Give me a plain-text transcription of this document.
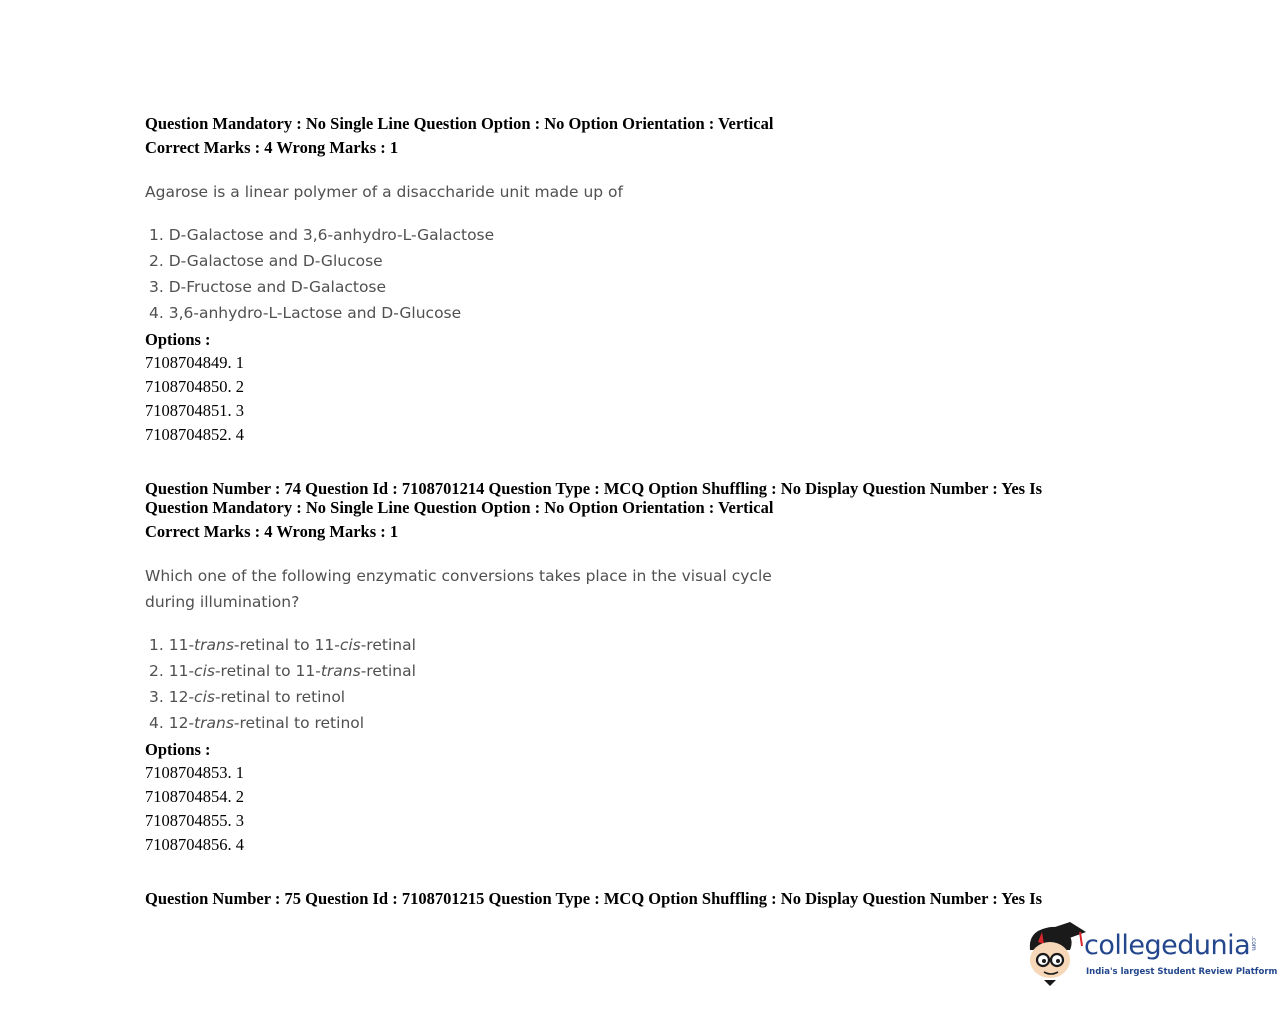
Question Mandatory : No Single Line Question Option : No Option Orientation : Vertical

Correct Marks : 4 Wrong Marks : 1

Agarose is a linear polymer of a disaccharide unit made up of

1. D-Galactose and 3,6-anhydro-L-Galactose
2. D-Galactose and D-Glucose
3. D-Fructose and D-Galactose
4. 3,6-anhydro-L-Lactose and D-Glucose

Options :

7108704849. 1

7108704850. 2

7108704851. 3

7108704852. 4

Question Number : 74 Question Id : 7108701214 Question Type : MCQ Option Shuffling : No Display Question Number : Yes Is

Question Mandatory : No Single Line Question Option : No Option Orientation : Vertical

Correct Marks : 4 Wrong Marks : 1

Which one of the following enzymatic conversions takes place in the visual cycle

during illumination?

1. 11-trans-retinal to 11-cis-retinal
2. 11-cis-retinal to 11-trans-retinal
3. 12-cis-retinal to retinol
4. 12-trans-retinal to retinol

Options :

7108704853. 1

7108704854. 2

7108704855. 3

7108704856. 4

Question Number : 75 Question Id : 7108701215 Question Type : MCQ Option Shuffling : No Display Question Number : Yes Is

collegedunia .com
India's largest Student Review Platform
